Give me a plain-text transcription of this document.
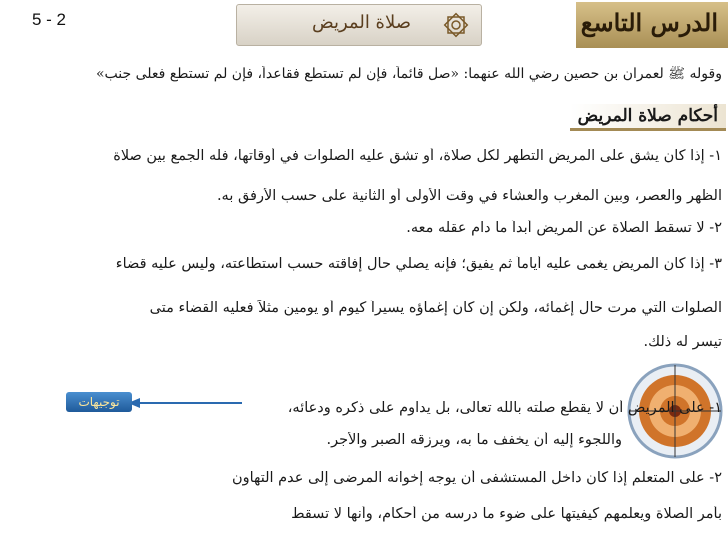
5 - 2	صلاة المريض	الدرس التاسع
وقوله ﷺ لعمران بن حصين رضي الله عنهما: «صل قائماً، فإن لم تستطع فقاعداً، فإن لم تستطع فعلى جنب»
أحكام صلاة المريض
١- إذا كان يشق على المريض التطهر لكل صلاة، أو تشق عليه الصلوات في أوقاتها، فله الجمع بين صلاة
الظهر والعصر، وبين المغرب والعشاء في وقت الأولى أو الثانية على حسب الأرفق به.
٢- لا تسقط الصلاة عن المريض أبداً ما دام عقله معه.
٣- إذا كان المريض يغمى عليه أياماً ثم يفيق؛ فإنه يصلي حال إفاقته حسب استطاعته، وليس عليه قضاء
الصلوات التي مرت حال إغمائه، ولكن إن كان إغماؤه يسيراً كيوم أو يومين مثلاً فعليه القضاء متى
تيسر له ذلك.
توجيهات	١- على المريض أن لا يقطع صلته بالله تعالى، بل يداوم على ذكره ودعائه،
واللجوء إليه أن يخفف ما به، ويرزقه الصبر والأجر.
٢- على المتعلم إذا كان داخل المستشفى أن يوجه إخوانه المرضى إلى عدم التهاون
بأمر الصلاة ويعلمهم كيفيتها على ضوء ما درسه من أحكام، وأنها لا تسقط
